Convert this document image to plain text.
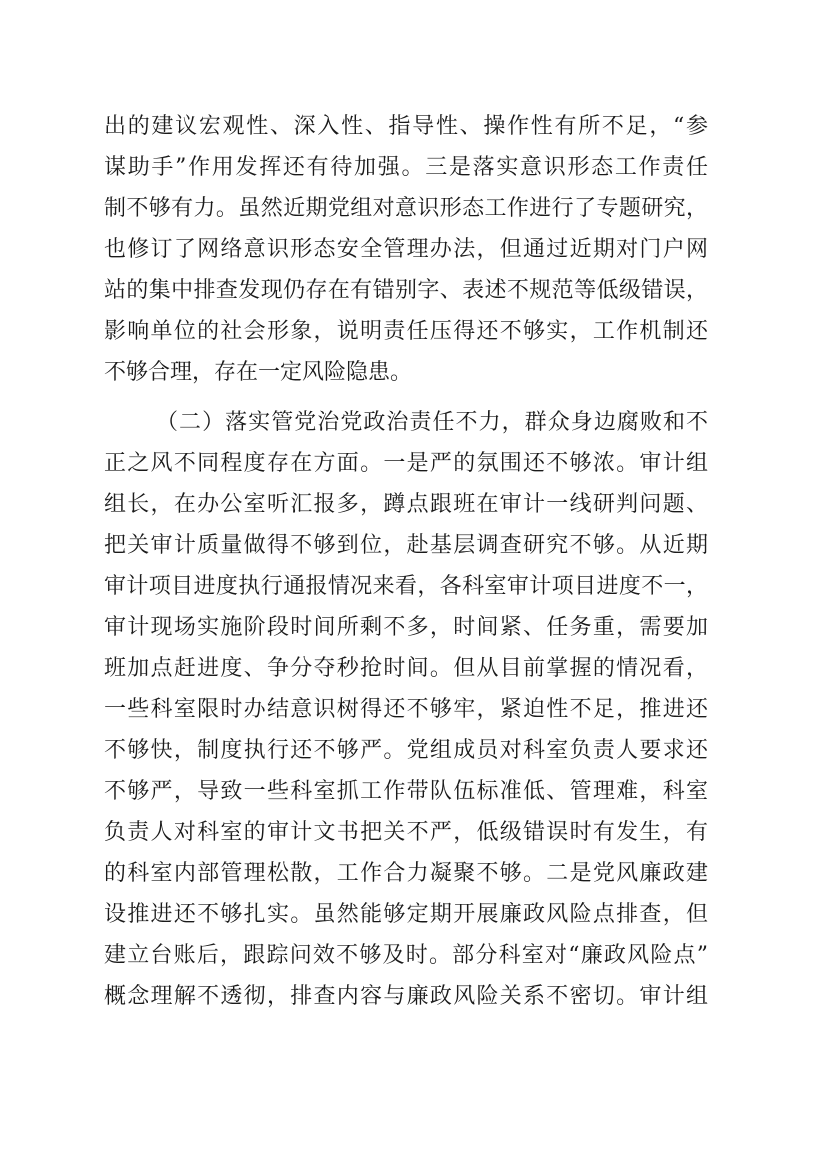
出的建议宏观性、深入性、指导性、操作性有所不足，“参
谋助手”作用发挥还有待加强。三是落实意识形态工作责任
制不够有力。虽然近期党组对意识形态工作进行了专题研究，
也修订了网络意识形态安全管理办法，但通过近期对门户网
站的集中排查发现仍存在有错别字、表述不规范等低级错误，
影响单位的社会形象，说明责任压得还不够实，工作机制还
不够合理，存在一定风险隐患。
（二）落实管党治党政治责任不力，群众身边腐败和不
正之风不同程度存在方面。一是严的氛围还不够浓。审计组
组长，在办公室听汇报多，蹲点跟班在审计一线研判问题、
把关审计质量做得不够到位，赴基层调查研究不够。从近期
审计项目进度执行通报情况来看，各科室审计项目进度不一，
审计现场实施阶段时间所剩不多，时间紧、任务重，需要加
班加点赶进度、争分夺秒抢时间。但从目前掌握的情况看，
一些科室限时办结意识树得还不够牢，紧迫性不足，推进还
不够快，制度执行还不够严。党组成员对科室负责人要求还
不够严，导致一些科室抓工作带队伍标准低、管理难，科室
负责人对科室的审计文书把关不严，低级错误时有发生，有
的科室内部管理松散，工作合力凝聚不够。二是党风廉政建
设推进还不够扎实。虽然能够定期开展廉政风险点排查，但
建立台账后，跟踪问效不够及时。部分科室对“廉政风险点”
概念理解不透彻，排查内容与廉政风险关系不密切。审计组
